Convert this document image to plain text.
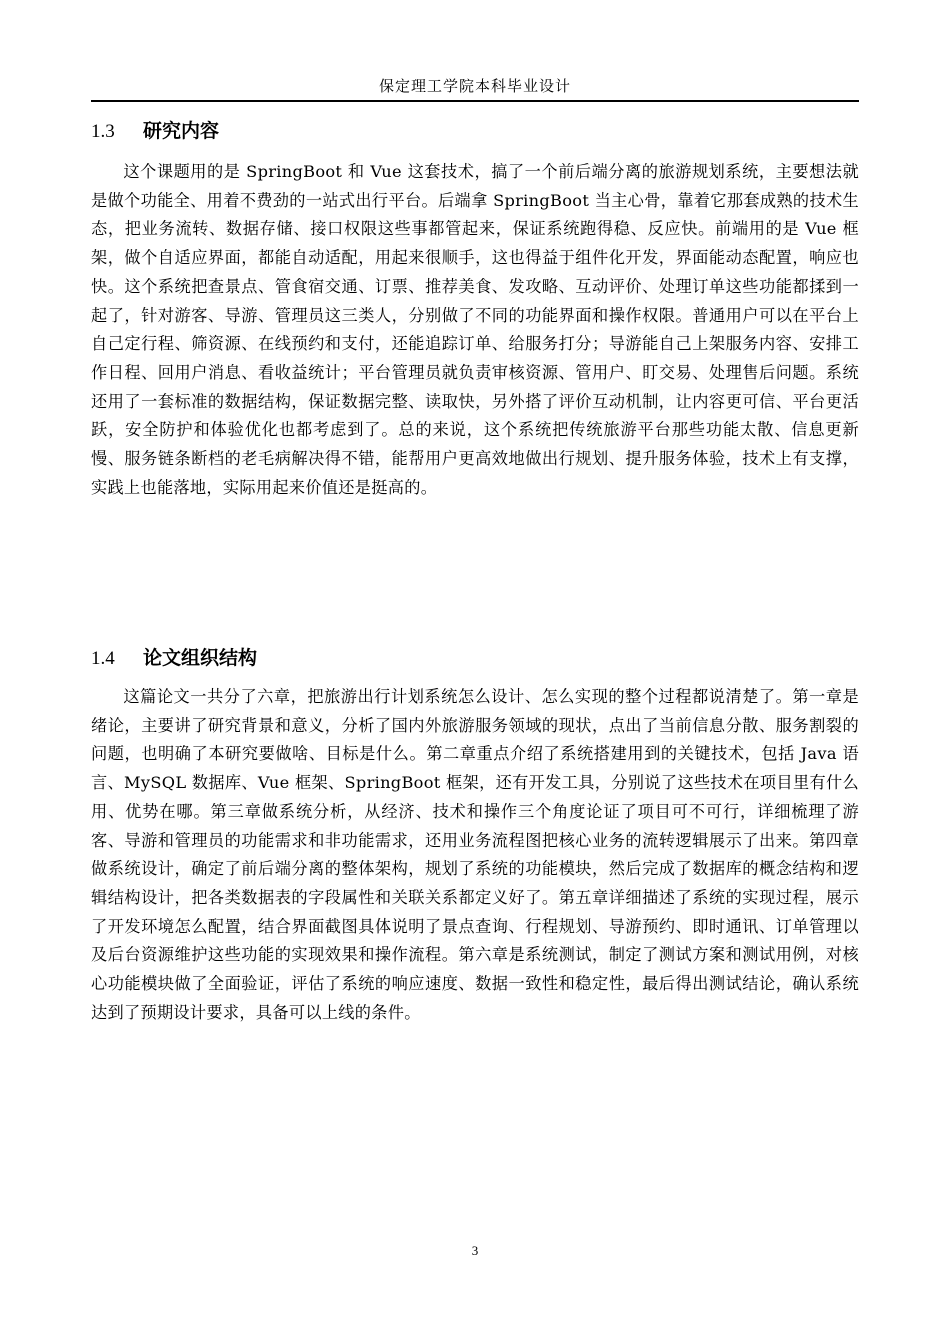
保定理工学院本科毕业设计
1.3 研究内容

这个课题用的是 SpringBoot 和 Vue 这套技术，搞了一个前后端分离的旅游规划系统，主要想法就是做个功能全、用着不费劲的一站式出行平台。后端拿 SpringBoot 当主心骨，靠着它那套成熟的技术生态，把业务流转、数据存储、接口权限这些事都管起来，保证系统跑得稳、反应快。前端用的是 Vue 框架，做个自适应界面，都能自动适配，用起来很顺手，这也得益于组件化开发，界面能动态配置，响应也快。这个系统把查景点、管食宿交通、订票、推荐美食、发攻略、互动评价、处理订单这些功能都揉到一起了，针对游客、导游、管理员这三类人，分别做了不同的功能界面和操作权限。普通用户可以在平台上自己定行程、筛资源、在线预约和支付，还能追踪订单、给服务打分；导游能自己上架服务内容、安排工作日程、回用户消息、看收益统计；平台管理员就负责审核资源、管用户、盯交易、处理售后问题。系统还用了一套标准的数据结构，保证数据完整、读取快，另外搭了评价互动机制，让内容更可信、平台更活跃，安全防护和体验优化也都考虑到了。总的来说，这个系统把传统旅游平台那些功能太散、信息更新慢、服务链条断档的老毛病解决得不错，能帮用户更高效地做出行规划、提升服务体验，技术上有支撑，实践上也能落地，实际用起来价值还是挺高的。

1.4 论文组织结构

这篇论文一共分了六章，把旅游出行计划系统怎么设计、怎么实现的整个过程都说清楚了。第一章是绪论，主要讲了研究背景和意义，分析了国内外旅游服务领域的现状，点出了当前信息分散、服务割裂的问题，也明确了本研究要做啥、目标是什么。第二章重点介绍了系统搭建用到的关键技术，包括 Java 语言、MySQL 数据库、Vue 框架、SpringBoot 框架，还有开发工具，分别说了这些技术在项目里有什么用、优势在哪。第三章做系统分析，从经济、技术和操作三个角度论证了项目可不可行，详细梳理了游客、导游和管理员的功能需求和非功能需求，还用业务流程图把核心业务的流转逻辑展示了出来。第四章做系统设计，确定了前后端分离的整体架构，规划了系统的功能模块，然后完成了数据库的概念结构和逻辑结构设计，把各类数据表的字段属性和关联关系都定义好了。第五章详细描述了系统的实现过程，展示了开发环境怎么配置，结合界面截图具体说明了景点查询、行程规划、导游预约、即时通讯、订单管理以及后台资源维护这些功能的实现效果和操作流程。第六章是系统测试，制定了测试方案和测试用例，对核心功能模块做了全面验证，评估了系统的响应速度、数据一致性和稳定性，最后得出测试结论，确认系统达到了预期设计要求，具备可以上线的条件。

3
